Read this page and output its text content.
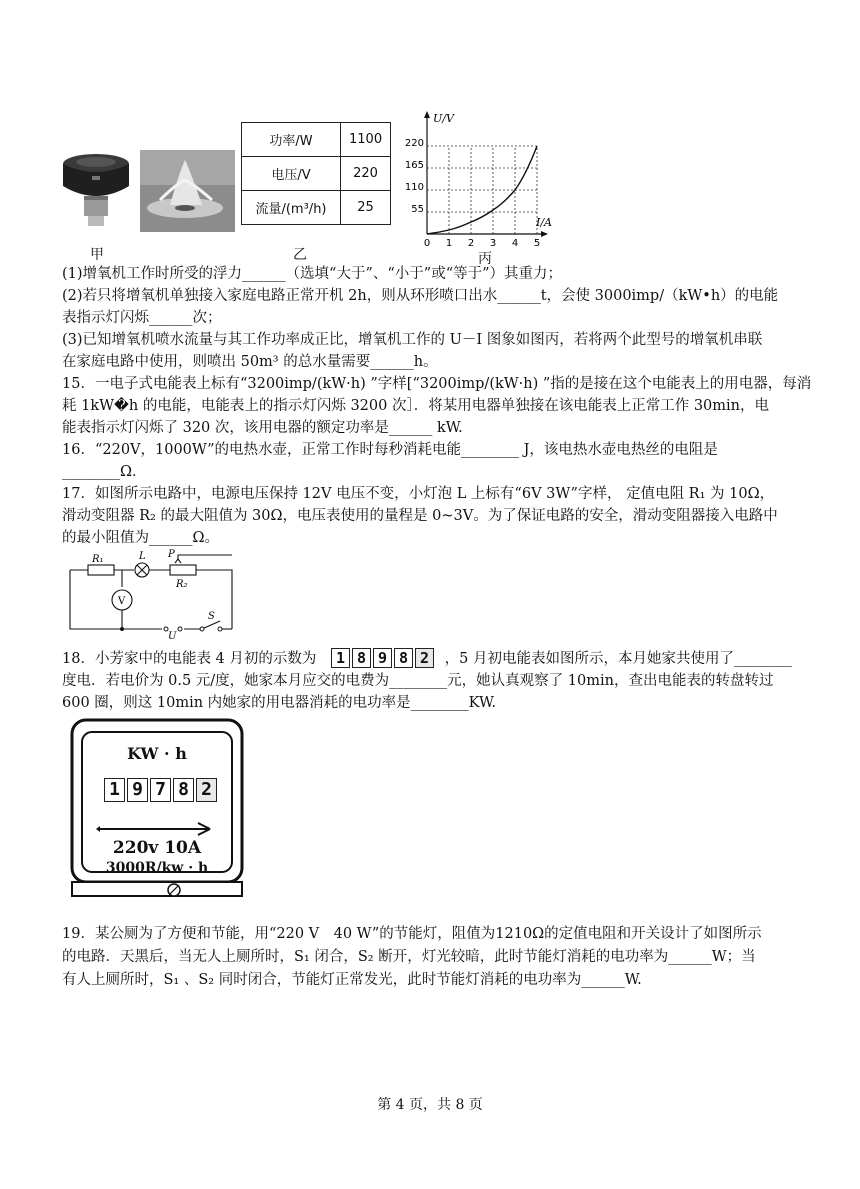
功率/W	1100
电压/V	220
流量/(m³/h)	25
U/V
I/A
220
165
110
55
0 1 2 3 4 5
甲	乙	丙
(1)增氧机工作时所受的浮力______（选填“大于”、“小于”或“等于”）其重力；
(2)若只将增氧机单独接入家庭电路正常开机 2h，则从环形喷口出水______t，会使 3000imp/（kW•h）的电能
表指示灯闪烁______次；
(3)已知增氧机喷水流量与其工作功率成正比，增氧机工作的 U－I 图象如图丙，若将两个此型号的增氧机串联
在家庭电路中使用，则喷出 50m³ 的总水量需要______h。
15．一电子式电能表上标有“3200imp/(kW·h) ”字样[“3200imp/(kW·h) ”指的是接在这个电能表上的用电器，每消
耗 1kW�h 的电能，电能表上的指示灯闪烁 3200 次］．将某用电器单独接在该电能表上正常工作 30min，电
能表指示灯闪烁了 320 次，该用电器的额定功率是______ kW.
16．“220V，1000W”的电热水壶，正常工作时每秒消耗电能________ J，该电热水壶电热丝的电阻是
________Ω．
17．如图所示电路中，电源电压保持 12V 电压不变，小灯泡 L 上标有“6V 3W”字样， 定值电阻 R₁ 为 10Ω，
滑动变阻器 R₂ 的最大阻值为 30Ω，电压表使用的量程是 0~3V。为了保证电路的安全，滑动变阻器接入电路中
的最小阻值为______Ω。
R₁	L P
R₂
V
U
S
18．小芳家中的电能表 4 月初的示数为 1 8 9 8 2 ，5 月初电能表如图所示，本月她家共使用了________
度电．若电价为 0.5 元/度，她家本月应交的电费为________元，她认真观察了 10min，查出电能表的转盘转过
600 圈，则这 10min 内她家的用电器消耗的电功率是________KW.
KW · h
1 9 7 8 2
220v 10A
3000R/kw · h
19．某公厕为了方便和节能，用“220 V　40 W”的节能灯，阻值为1210Ω的定值电阻和开关设计了如图所示
的电路．天黑后，当无人上厕所时，S₁ 闭合，S₂ 断开，灯光较暗，此时节能灯消耗的电功率为______W；当
有人上厕所时，S₁ 、S₂ 同时闭合，节能灯正常发光，此时节能灯消耗的电功率为______W.
第 4 页，共 8 页
